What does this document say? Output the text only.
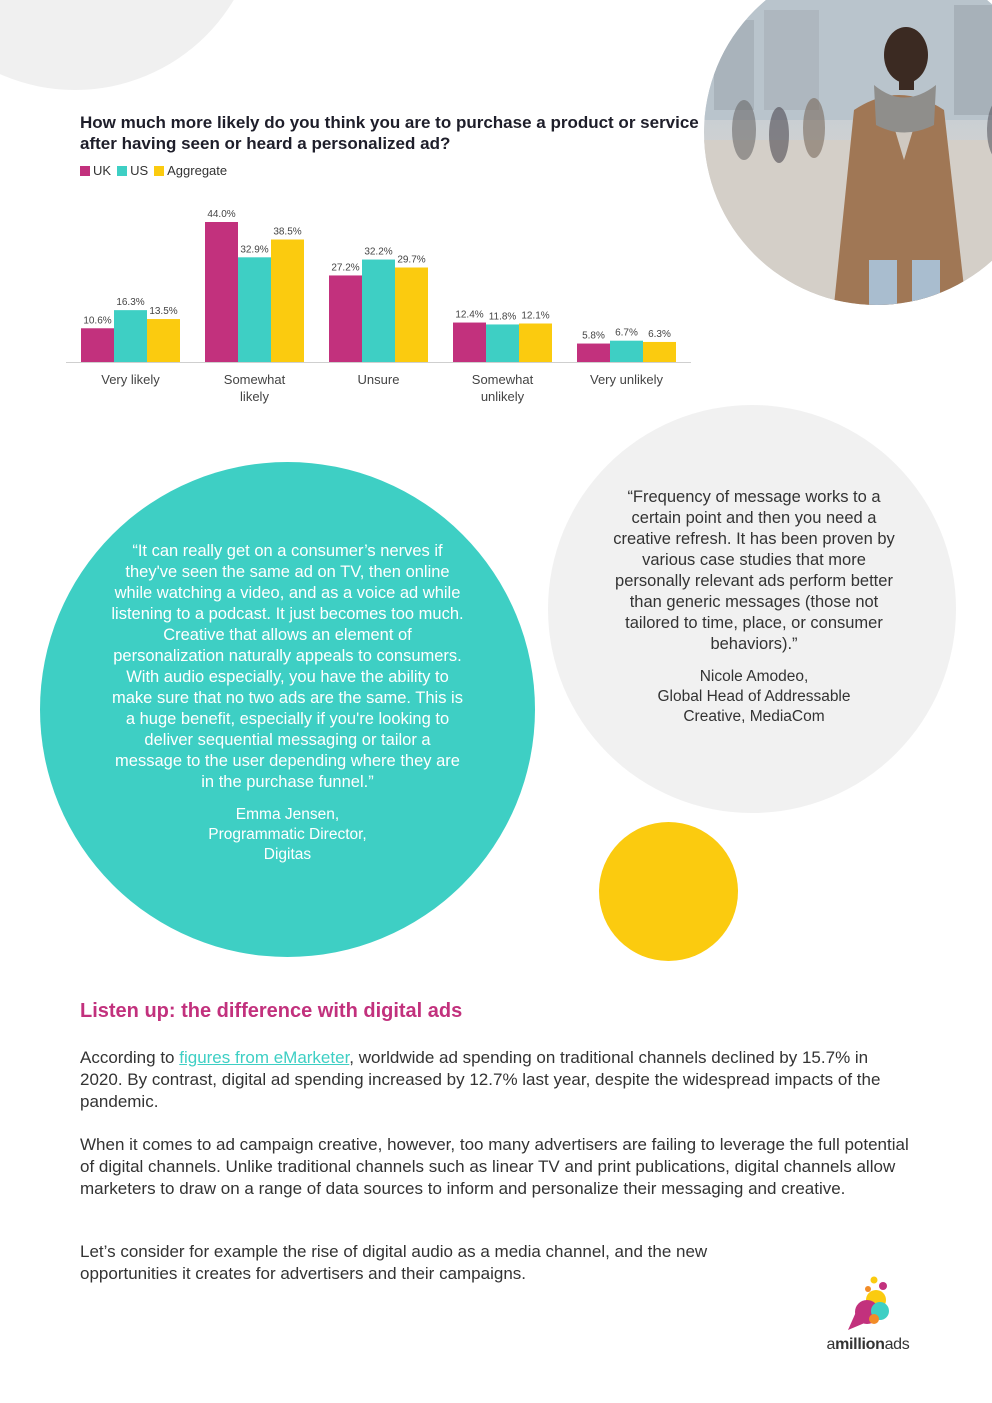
How much more likely do you think you are to purchase a product or service after having seen or heard a personalized ad?
UK US Aggregate
10.6%
16.3%
13.5%
Very likely
44.0%
32.9%
38.5%
Somewhat likely
27.2%
32.2%
29.7%
Unsure
12.4% 11.8% 12.1%
Somewhat unlikely
5.8% 6.7% 6.3%
Very unlikely
“It can really get on a consumer’s nerves if they've seen the same ad on TV, then online while watching a video, and as a voice ad while listening to a podcast. It just becomes too much. Creative that allows an element of personalization naturally appeals to consumers. With audio especially, you have the ability to make sure that no two ads are the same. This is a huge benefit, especially if you're looking to deliver sequential messaging or tailor a message to the user depending where they are in the purchase funnel.”
Emma Jensen,
Programmatic Director,
Digitas
“Frequency of message works to a certain point and then you need a creative refresh. It has been proven by various case studies that more personally relevant ads perform better than generic messages (those not tailored to time, place, or consumer behaviors).”
Nicole Amodeo,
Global Head of Addressable
Creative, MediaCom
Listen up: the difference with digital ads

According to figures from eMarketer, worldwide ad spending on traditional channels declined by 15.7% in 2020. By contrast, digital ad spending increased by 12.7% last year, despite the widespread impacts of the pandemic.

When it comes to ad campaign creative, however, too many advertisers are failing to leverage the full potential of digital channels. Unlike traditional channels such as linear TV and print publications, digital channels allow marketers to draw on a range of data sources to inform and personalize their messaging and creative.

Let’s consider for example the rise of digital audio as a media channel, and the new opportunities it creates for advertisers and their campaigns.

amillionads
